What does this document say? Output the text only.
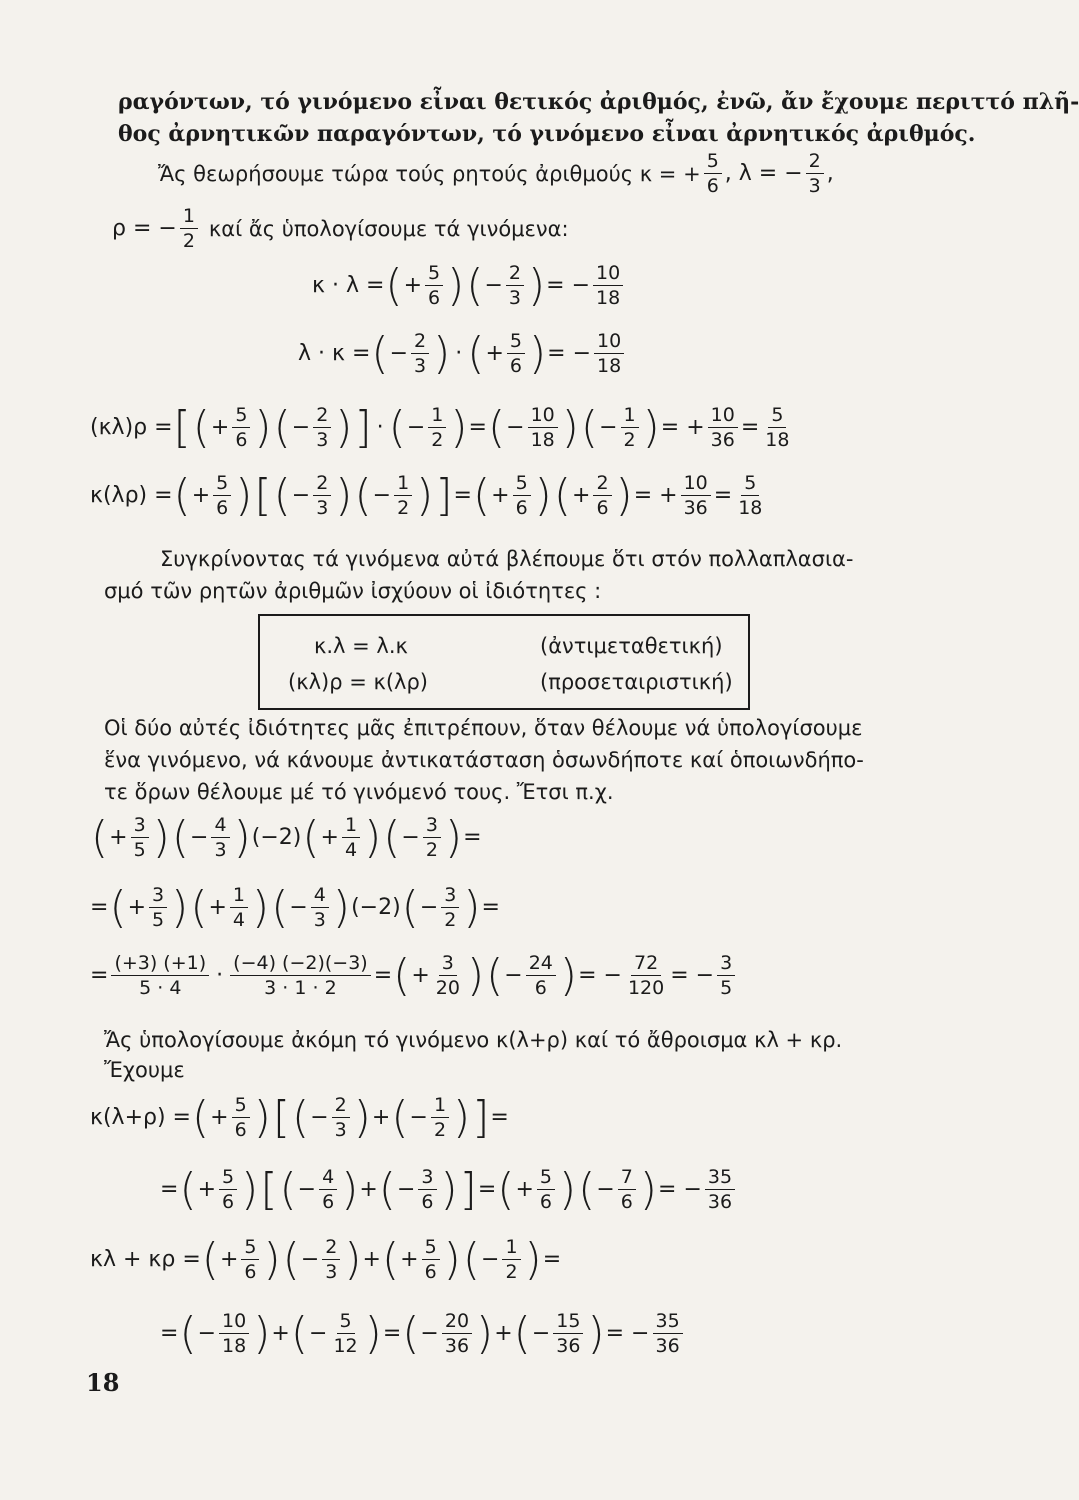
ραγόντων, τό γινόμενο εἶναι θετικός ἀριθμός, ἐνῶ, ἄν ἔχουμε περιττό πλῆ-
θος ἀρνητικῶν παραγόντων, τό γινόμενο εἶναι ἀρνητικός ἀριθμός.
Ἄς θεωρήσουμε τώρα τούς ρητούς ἀριθμούς κ = + $\frac{5}{6}$ , λ = − $\frac{2}{3}$ ,
ρ = − $\frac{1}{2}$ καί ἄς ὑπολογίσουμε τά γινόμενα:
κ · λ = ( + $\frac{5}{6}$ ) ( − $\frac{2}{3}$ ) = − $\frac{10}{18}$
λ · κ = ( − $\frac{2}{3}$ ) · ( + $\frac{5}{6}$ ) = − $\frac{10}{18}$
(κλ)ρ = [ ( + $\frac{5}{6}$ ) ( − $\frac{2}{3}$ ) ] · ( − $\frac{1}{2}$ ) = ( − $\frac{10}{18}$ ) ( − $\frac{1}{2}$ ) = + $\frac{10}{36} = \frac{5}{18}$
κ(λρ) = ( + $\frac{5}{6}$ ) [ ( − $\frac{2}{3}$ ) ( − $\frac{1}{2}$ ) ] = ( + $\frac{5}{6}$ ) ( + $\frac{2}{6}$ ) = + $\frac{10}{36} = \frac{5}{18}$
Συγκρίνοντας τά γινόμενα αὐτά βλέπουμε ὅτι στόν πολλαπλασια-
σμό τῶν ρητῶν ἀριθμῶν ἰσχύουν οἱ ἰδιότητες :
κ.λ = λ.κ	(ἀντιμεταθετική)
(κλ)ρ = κ(λρ)	(προσεταιριστική)
Οἱ δύο αὐτές ἰδιότητες μᾶς ἐπιτρέπουν, ὅταν θέλουμε νά ὑπολογίσουμε
ἕνα γινόμενο, νά κάνουμε ἀντικατάσταση ὁσωνδήποτε καί ὁποιωνδήπο-
τε ὅρων θέλουμε μέ τό γινόμενό τους. Ἔτσι π.χ.
( + $\frac{3}{5}$ ) ( − $\frac{4}{3}$ ) (−2) ( + $\frac{1}{4}$ ) ( − $\frac{3}{2}$ ) =
= ( + $\frac{3}{5}$ ) ( + $\frac{1}{4}$ ) ( − $\frac{4}{3}$ ) (−2) ( − $\frac{3}{2}$ ) =
= $\frac{(+3) (+1)}{5 \cdot 4} \cdot \frac{(-4) (-2)(-3)}{3 \cdot 1 \cdot 2}$ = ( + $\frac{3}{20}$ ) ( − $\frac{24}{6}$ ) = − $\frac{72}{120}$ = − $\frac{3}{5}$
Ἄς ὑπολογίσουμε ἀκόμη τό γινόμενο κ(λ+ρ) καί τό ἄθροισμα κλ + κρ.
Ἔχουμε
κ(λ+ρ) = ( + $\frac{5}{6}$ ) [ ( − $\frac{2}{3}$ ) + ( − $\frac{1}{2}$ ) ] =
= ( + $\frac{5}{6}$ ) [ ( − $\frac{4}{6}$ ) + ( − $\frac{3}{6}$ ) ] = ( + $\frac{5}{6}$ ) ( − $\frac{7}{6}$ ) = − $\frac{35}{36}$
κλ + κρ = ( + $\frac{5}{6}$ ) ( − $\frac{2}{3}$ ) + ( + $\frac{5}{6}$ ) ( − $\frac{1}{2}$ ) =
= ( − $\frac{10}{18}$ ) + ( − $\frac{5}{12}$ ) = ( − $\frac{20}{36}$ ) + ( − $\frac{15}{36}$ ) = − $\frac{35}{36}$
18
